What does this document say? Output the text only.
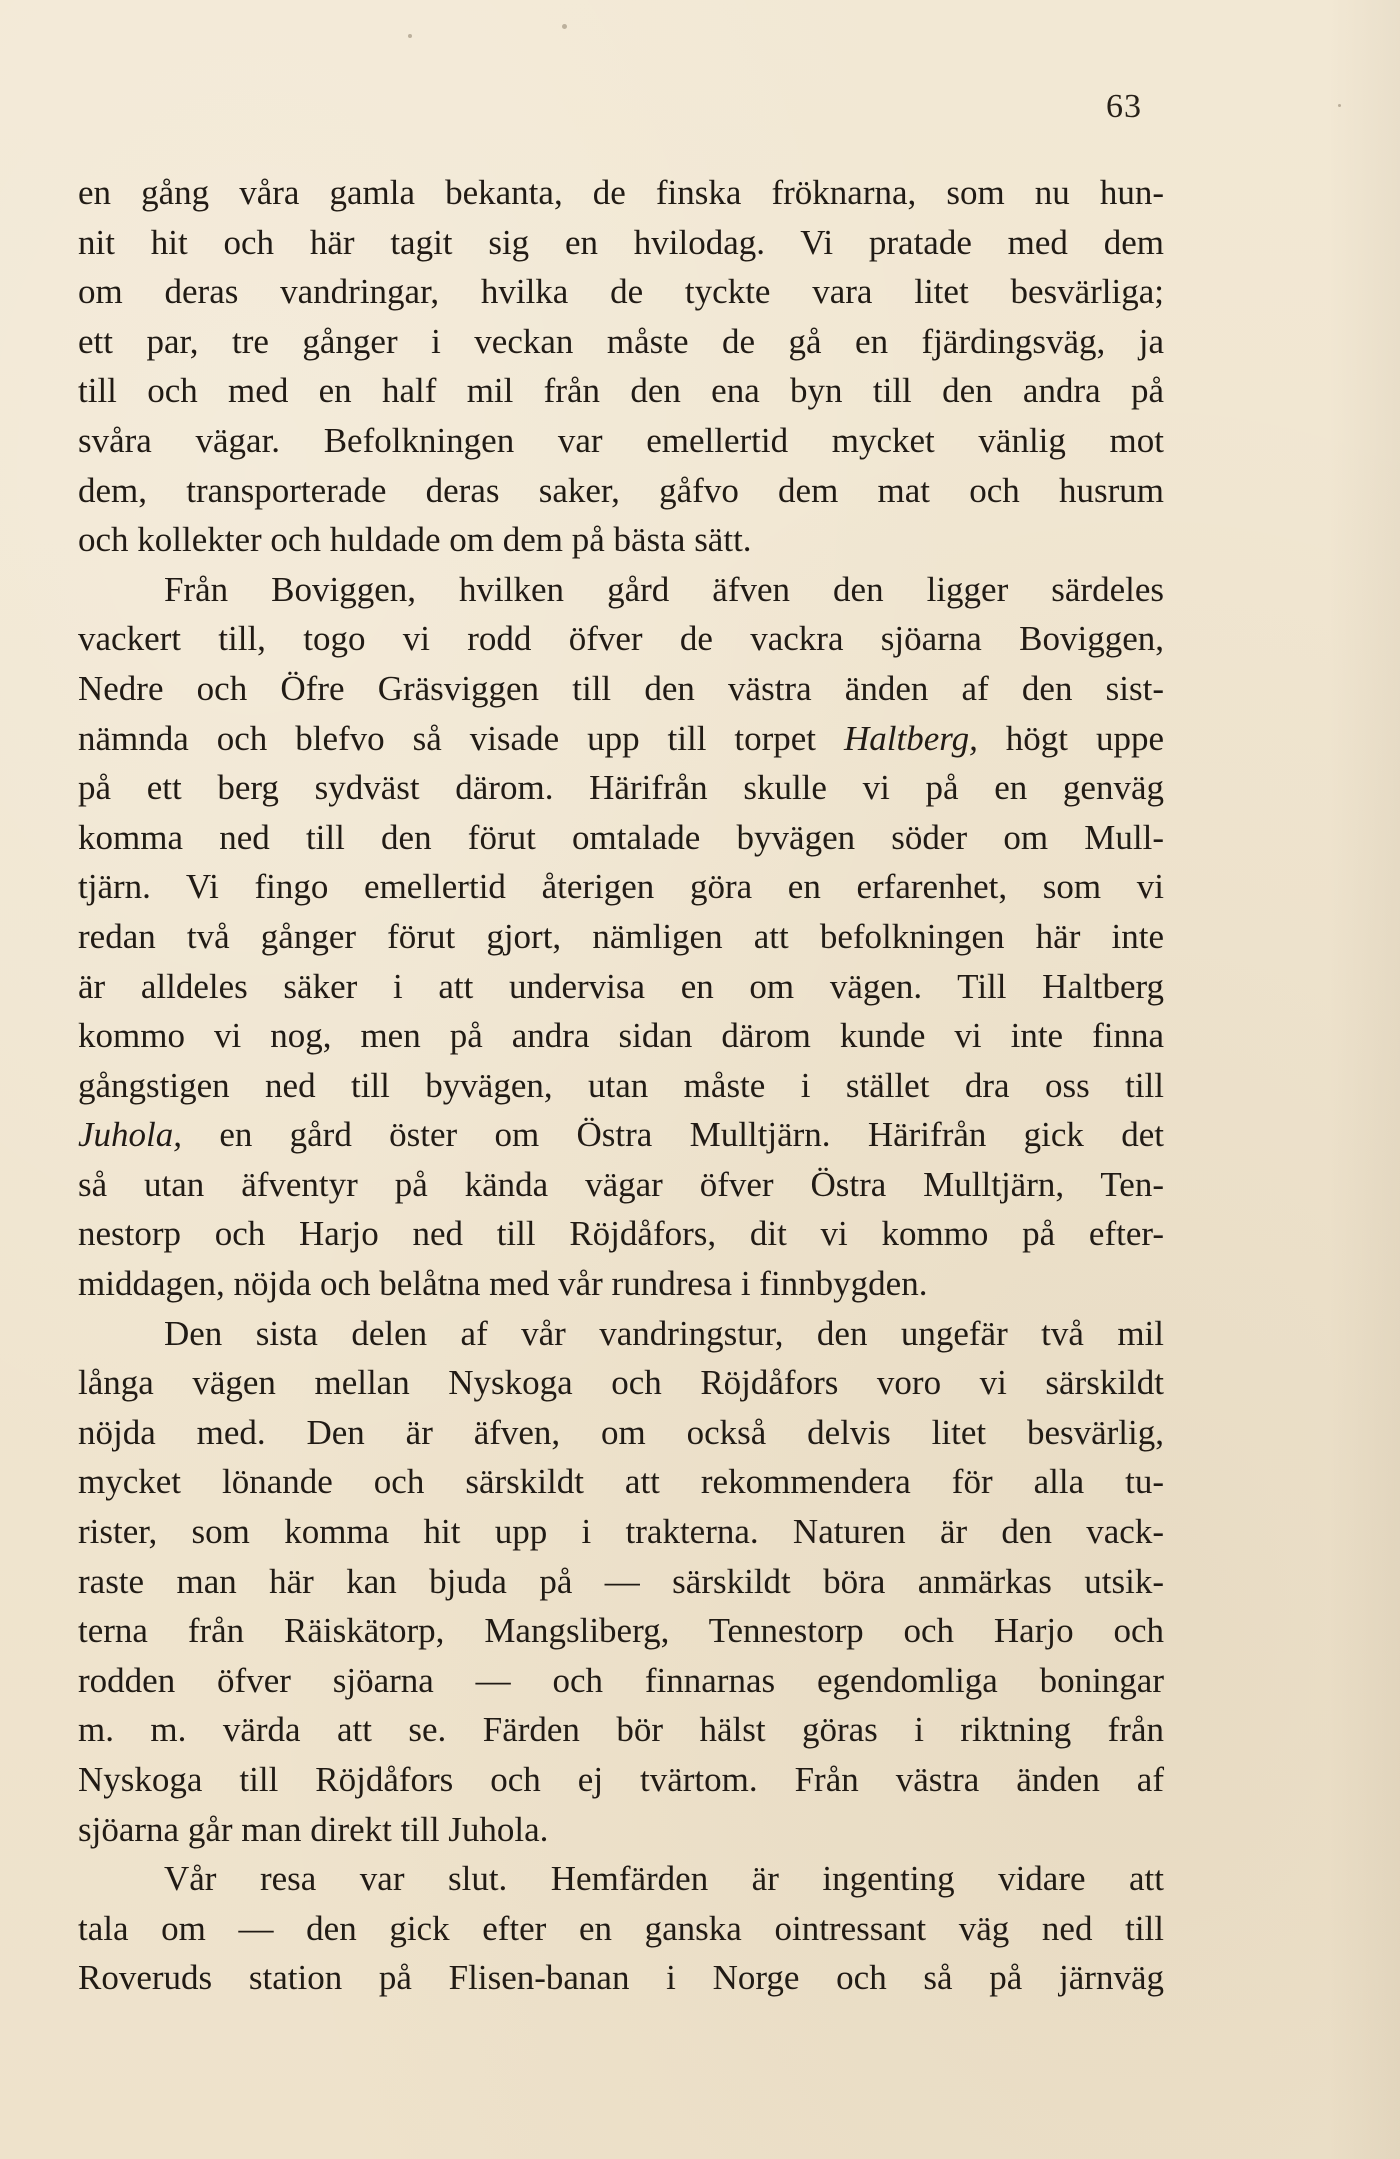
63
en gång våra gamla bekanta, de finska fröknarna, som nu hun-
nit hit och här tagit sig en hvilodag. Vi pratade med dem
om deras vandringar, hvilka de tyckte vara litet besvärliga;
ett par, tre gånger i veckan måste de gå en fjärdingsväg, ja
till och med en half mil från den ena byn till den andra på
svåra vägar. Befolkningen var emellertid mycket vänlig mot
dem, transporterade deras saker, gåfvo dem mat och husrum
och kollekter och huldade om dem på bästa sätt.
Från Boviggen, hvilken gård äfven den ligger särdeles
vackert till, togo vi rodd öfver de vackra sjöarna Boviggen,
Nedre och Öfre Gräsviggen till den västra änden af den sist-
nämnda och blefvo så visade upp till torpet Haltberg, högt uppe
på ett berg sydväst därom. Härifrån skulle vi på en genväg
komma ned till den förut omtalade byvägen söder om Mull-
tjärn. Vi fingo emellertid återigen göra en erfarenhet, som vi
redan två gånger förut gjort, nämligen att befolkningen här inte
är alldeles säker i att undervisa en om vägen. Till Haltberg
kommo vi nog, men på andra sidan därom kunde vi inte finna
gångstigen ned till byvägen, utan måste i stället dra oss till
Juhola, en gård öster om Östra Mulltjärn. Härifrån gick det
så utan äfventyr på kända vägar öfver Östra Mulltjärn, Ten-
nestorp och Harjo ned till Röjdåfors, dit vi kommo på efter-
middagen, nöjda och belåtna med vår rundresa i finnbygden.
Den sista delen af vår vandringstur, den ungefär två mil
långa vägen mellan Nyskoga och Röjdåfors voro vi särskildt
nöjda med. Den är äfven, om också delvis litet besvärlig,
mycket lönande och särskildt att rekommendera för alla tu-
rister, som komma hit upp i trakterna. Naturen är den vack-
raste man här kan bjuda på — särskildt böra anmärkas utsik-
terna från Räiskätorp, Mangsliberg, Tennestorp och Harjo och
rodden öfver sjöarna — och finnarnas egendomliga boningar
m. m. värda att se. Färden bör hälst göras i riktning från
Nyskoga till Röjdåfors och ej tvärtom. Från västra änden af
sjöarna går man direkt till Juhola.
Vår resa var slut. Hemfärden är ingenting vidare att
tala om — den gick efter en ganska ointressant väg ned till
Roveruds station på Flisen-banan i Norge och så på järnväg
